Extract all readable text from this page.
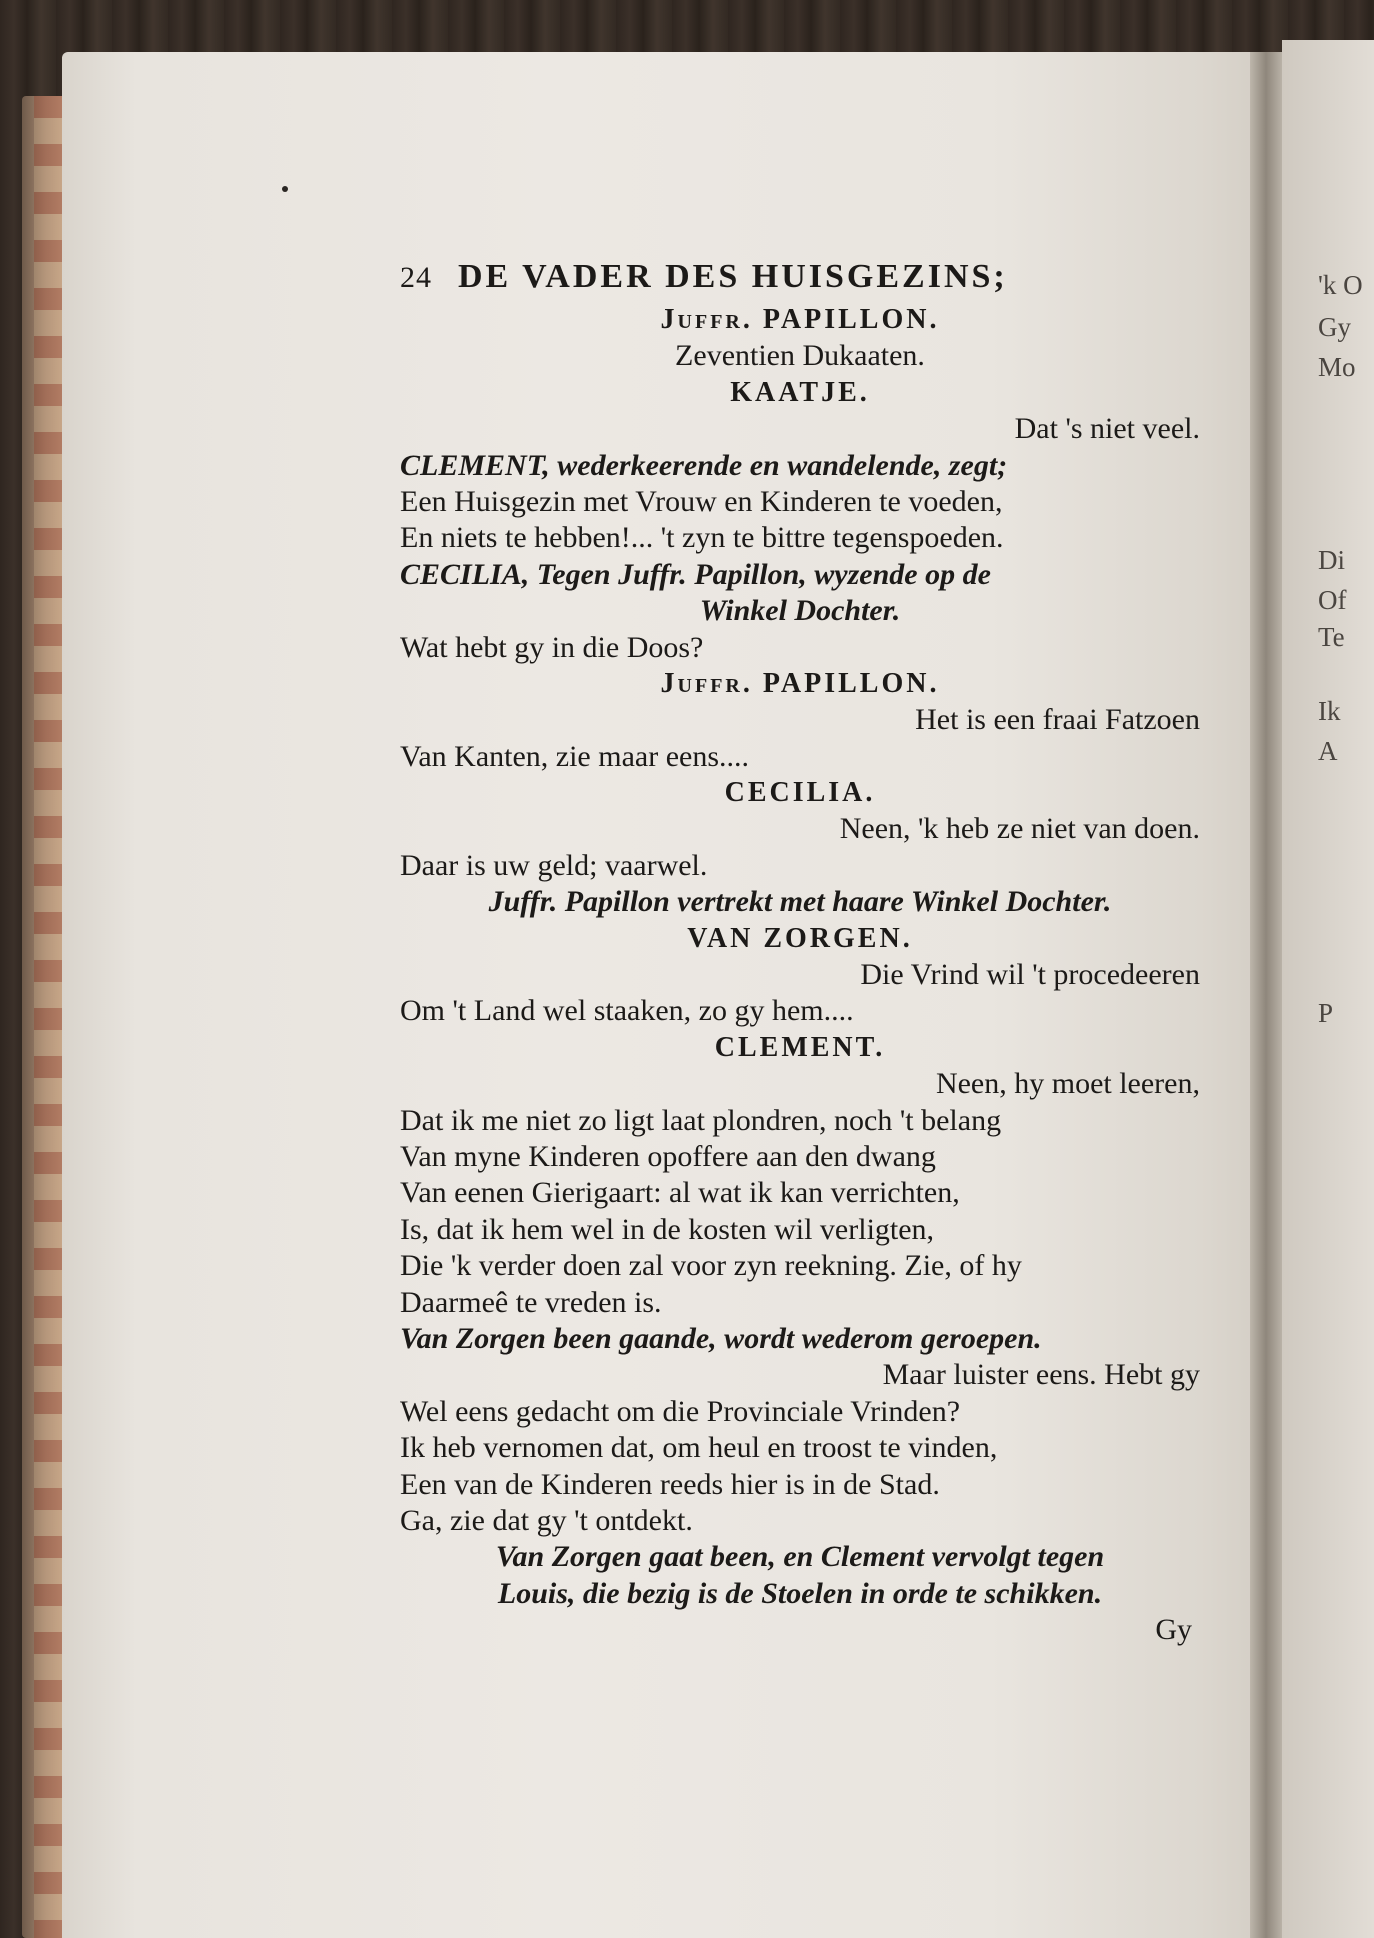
'k O
Gy
Mo
Di
Of
Te
Ik
A
P
24 DE VADER DES HUISGEZINS;
Juffr. PAPILLON.
Zeventien Dukaaten.
KAATJE.
Dat 's niet veel.
CLEMENT, wederkeerende en wandelende, zegt;
Een Huisgezin met Vrouw en Kinderen te voeden,
En niets te hebben!... 't zyn te bittre tegenspoeden.
CECILIA, Tegen Juffr. Papillon, wyzende op de
Winkel Dochter.
Wat hebt gy in die Doos?
Juffr. PAPILLON.
Het is een fraai Fatzoen
Van Kanten, zie maar eens....
CECILIA.
Neen, 'k heb ze niet van doen.
Daar is uw geld; vaarwel.
Juffr. Papillon vertrekt met haare Winkel Dochter.
VAN ZORGEN.
Die Vrind wil 't procedeeren
Om 't Land wel staaken, zo gy hem....
CLEMENT.
Neen, hy moet leeren,
Dat ik me niet zo ligt laat plondren, noch 't belang
Van myne Kinderen opoffere aan den dwang
Van eenen Gierigaart: al wat ik kan verrichten,
Is, dat ik hem wel in de kosten wil verligten,
Die 'k verder doen zal voor zyn reekning. Zie, of hy
Daarmeê te vreden is.
Van Zorgen been gaande, wordt wederom geroepen.
Maar luister eens. Hebt gy
Wel eens gedacht om die Provinciale Vrinden?
Ik heb vernomen dat, om heul en troost te vinden,
Een van de Kinderen reeds hier is in de Stad.
Ga, zie dat gy 't ontdekt.
Van Zorgen gaat been, en Clement vervolgt tegen
Louis, die bezig is de Stoelen in orde te schikken.
Gy
